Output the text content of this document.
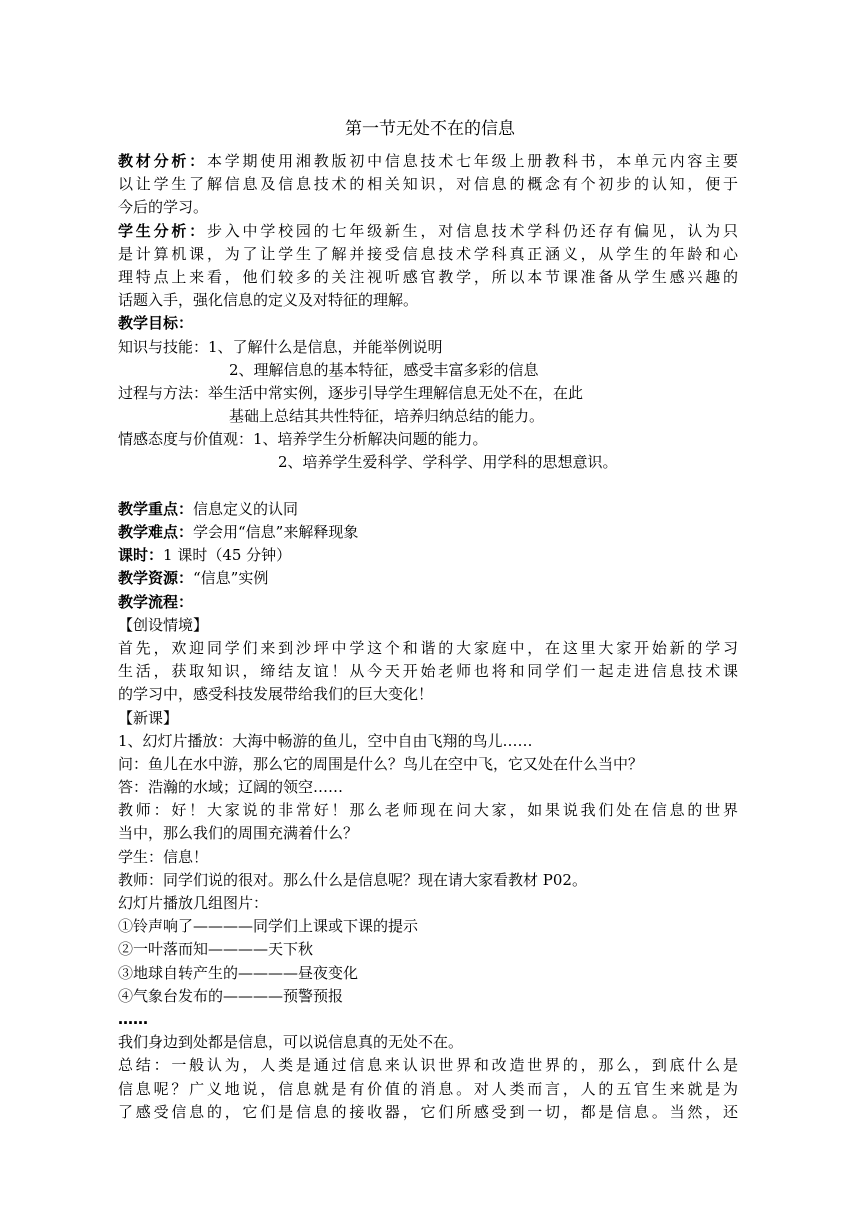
第一节无处不在的信息
教材分析：本学期使用湘教版初中信息技术七年级上册教科书，本单元内容主要
以让学生了解信息及信息技术的相关知识，对信息的概念有个初步的认知，便于
今后的学习。
学生分析：步入中学校园的七年级新生，对信息技术学科仍还存有偏见，认为只
是计算机课，为了让学生了解并接受信息技术学科真正涵义，从学生的年龄和心
理特点上来看，他们较多的关注视听感官教学，所以本节课准备从学生感兴趣的
话题入手，强化信息的定义及对特征的理解。
教学目标：
知识与技能：1、了解什么是信息，并能举例说明
2、理解信息的基本特征，感受丰富多彩的信息
过程与方法：举生活中常实例，逐步引导学生理解信息无处不在，在此
基础上总结其共性特征，培养归纳总结的能力。
情感态度与价值观：1、培养学生分析解决问题的能力。
2、培养学生爱科学、学科学、用学科的思想意识。
教学重点：信息定义的认同
教学难点：学会用“信息”来解释现象
课时：1 课时（45 分钟）
教学资源：“信息”实例
教学流程：
【创设情境】
首先，欢迎同学们来到沙坪中学这个和谐的大家庭中，在这里大家开始新的学习
生活，获取知识，缔结友谊！从今天开始老师也将和同学们一起走进信息技术课
的学习中，感受科技发展带给我们的巨大变化！
【新课】
1、幻灯片播放：大海中畅游的鱼儿，空中自由飞翔的鸟儿……
问：鱼儿在水中游，那么它的周围是什么？鸟儿在空中飞，它又处在什么当中？
答：浩瀚的水域；辽阔的领空……
教师：好！大家说的非常好！那么老师现在问大家，如果说我们处在信息的世界
当中，那么我们的周围充满着什么？
学生：信息！
教师：同学们说的很对。那么什么是信息呢？现在请大家看教材 P02。
幻灯片播放几组图片：
①铃声响了————同学们上课或下课的提示
②一叶落而知————天下秋
③地球自转产生的————昼夜变化
④气象台发布的————预警预报
……
我们身边到处都是信息，可以说信息真的无处不在。
总结：一般认为，人类是通过信息来认识世界和改造世界的，那么，到底什么是
信息呢？广义地说，信息就是有价值的消息。对人类而言，人的五官生来就是为
了感受信息的，它们是信息的接收器，它们所感受到一切，都是信息。当然，还
